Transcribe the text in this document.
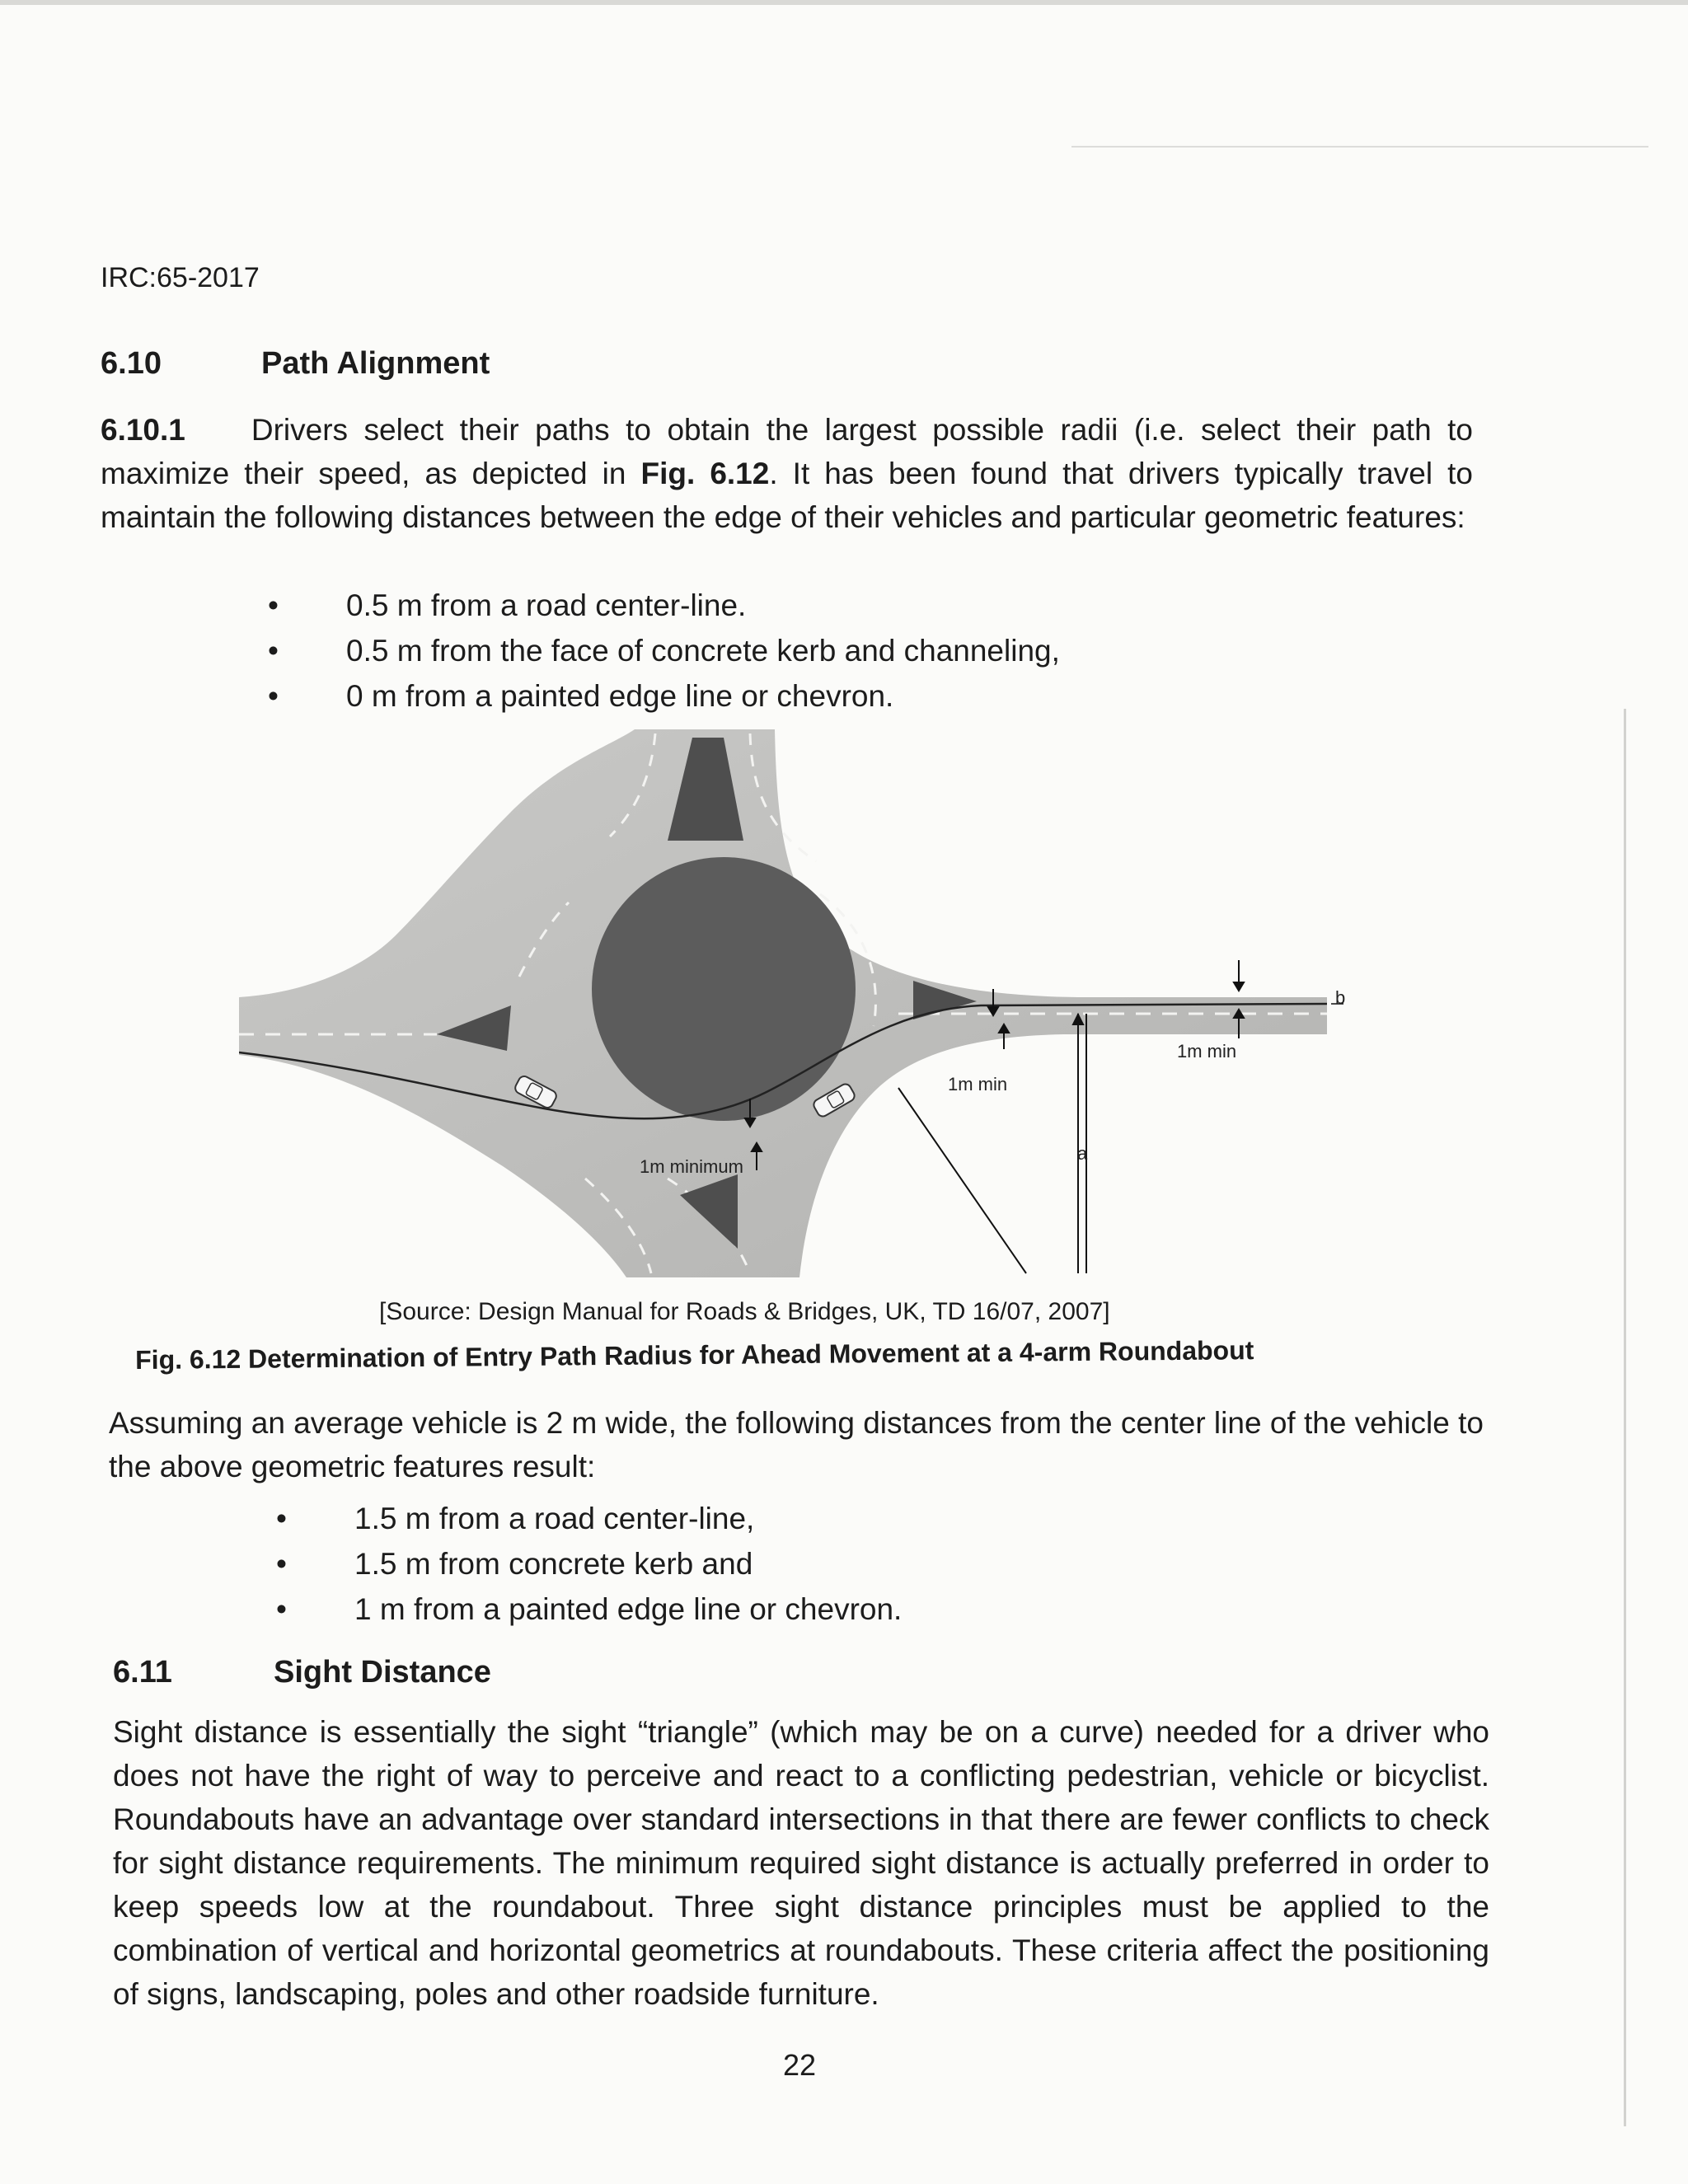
IRC:65-2017
6.10	Path Alignment

6.10.1 Drivers select their paths to obtain the largest possible radii (i.e. select their path to maximize their speed, as depicted in Fig. 6.12. It has been found that drivers typically travel to maintain the following distances between the edge of their vehicles and particular geometric features:

• 0.5 m from a road center-line.
• 0.5 m from the face of concrete kerb and channeling,
• 0 m from a painted edge line or chevron.
1m minimum
1m min
1m min
a
b
[Source: Design Manual for Roads & Bridges, UK, TD 16/07, 2007]
Fig. 6.12 Determination of Entry Path Radius for Ahead Movement at a 4-arm Roundabout

Assuming an average vehicle is 2 m wide, the following distances from the center line of the vehicle to the above geometric features result:

• 1.5 m from a road center-line,
• 1.5 m from concrete kerb and
• 1 m from a painted edge line or chevron.
6.11	Sight Distance

Sight distance is essentially the sight “triangle” (which may be on a curve) needed for a driver who does not have the right of way to perceive and react to a conflicting pedestrian, vehicle or bicyclist. Roundabouts have an advantage over standard intersections in that there are fewer conflicts to check for sight distance requirements. The minimum required sight distance is actually preferred in order to keep speeds low at the roundabout. Three sight distance principles must be applied to the combination of vertical and horizontal geometrics at roundabouts. These criteria affect the positioning of signs, landscaping, poles and other roadside furniture.

22
